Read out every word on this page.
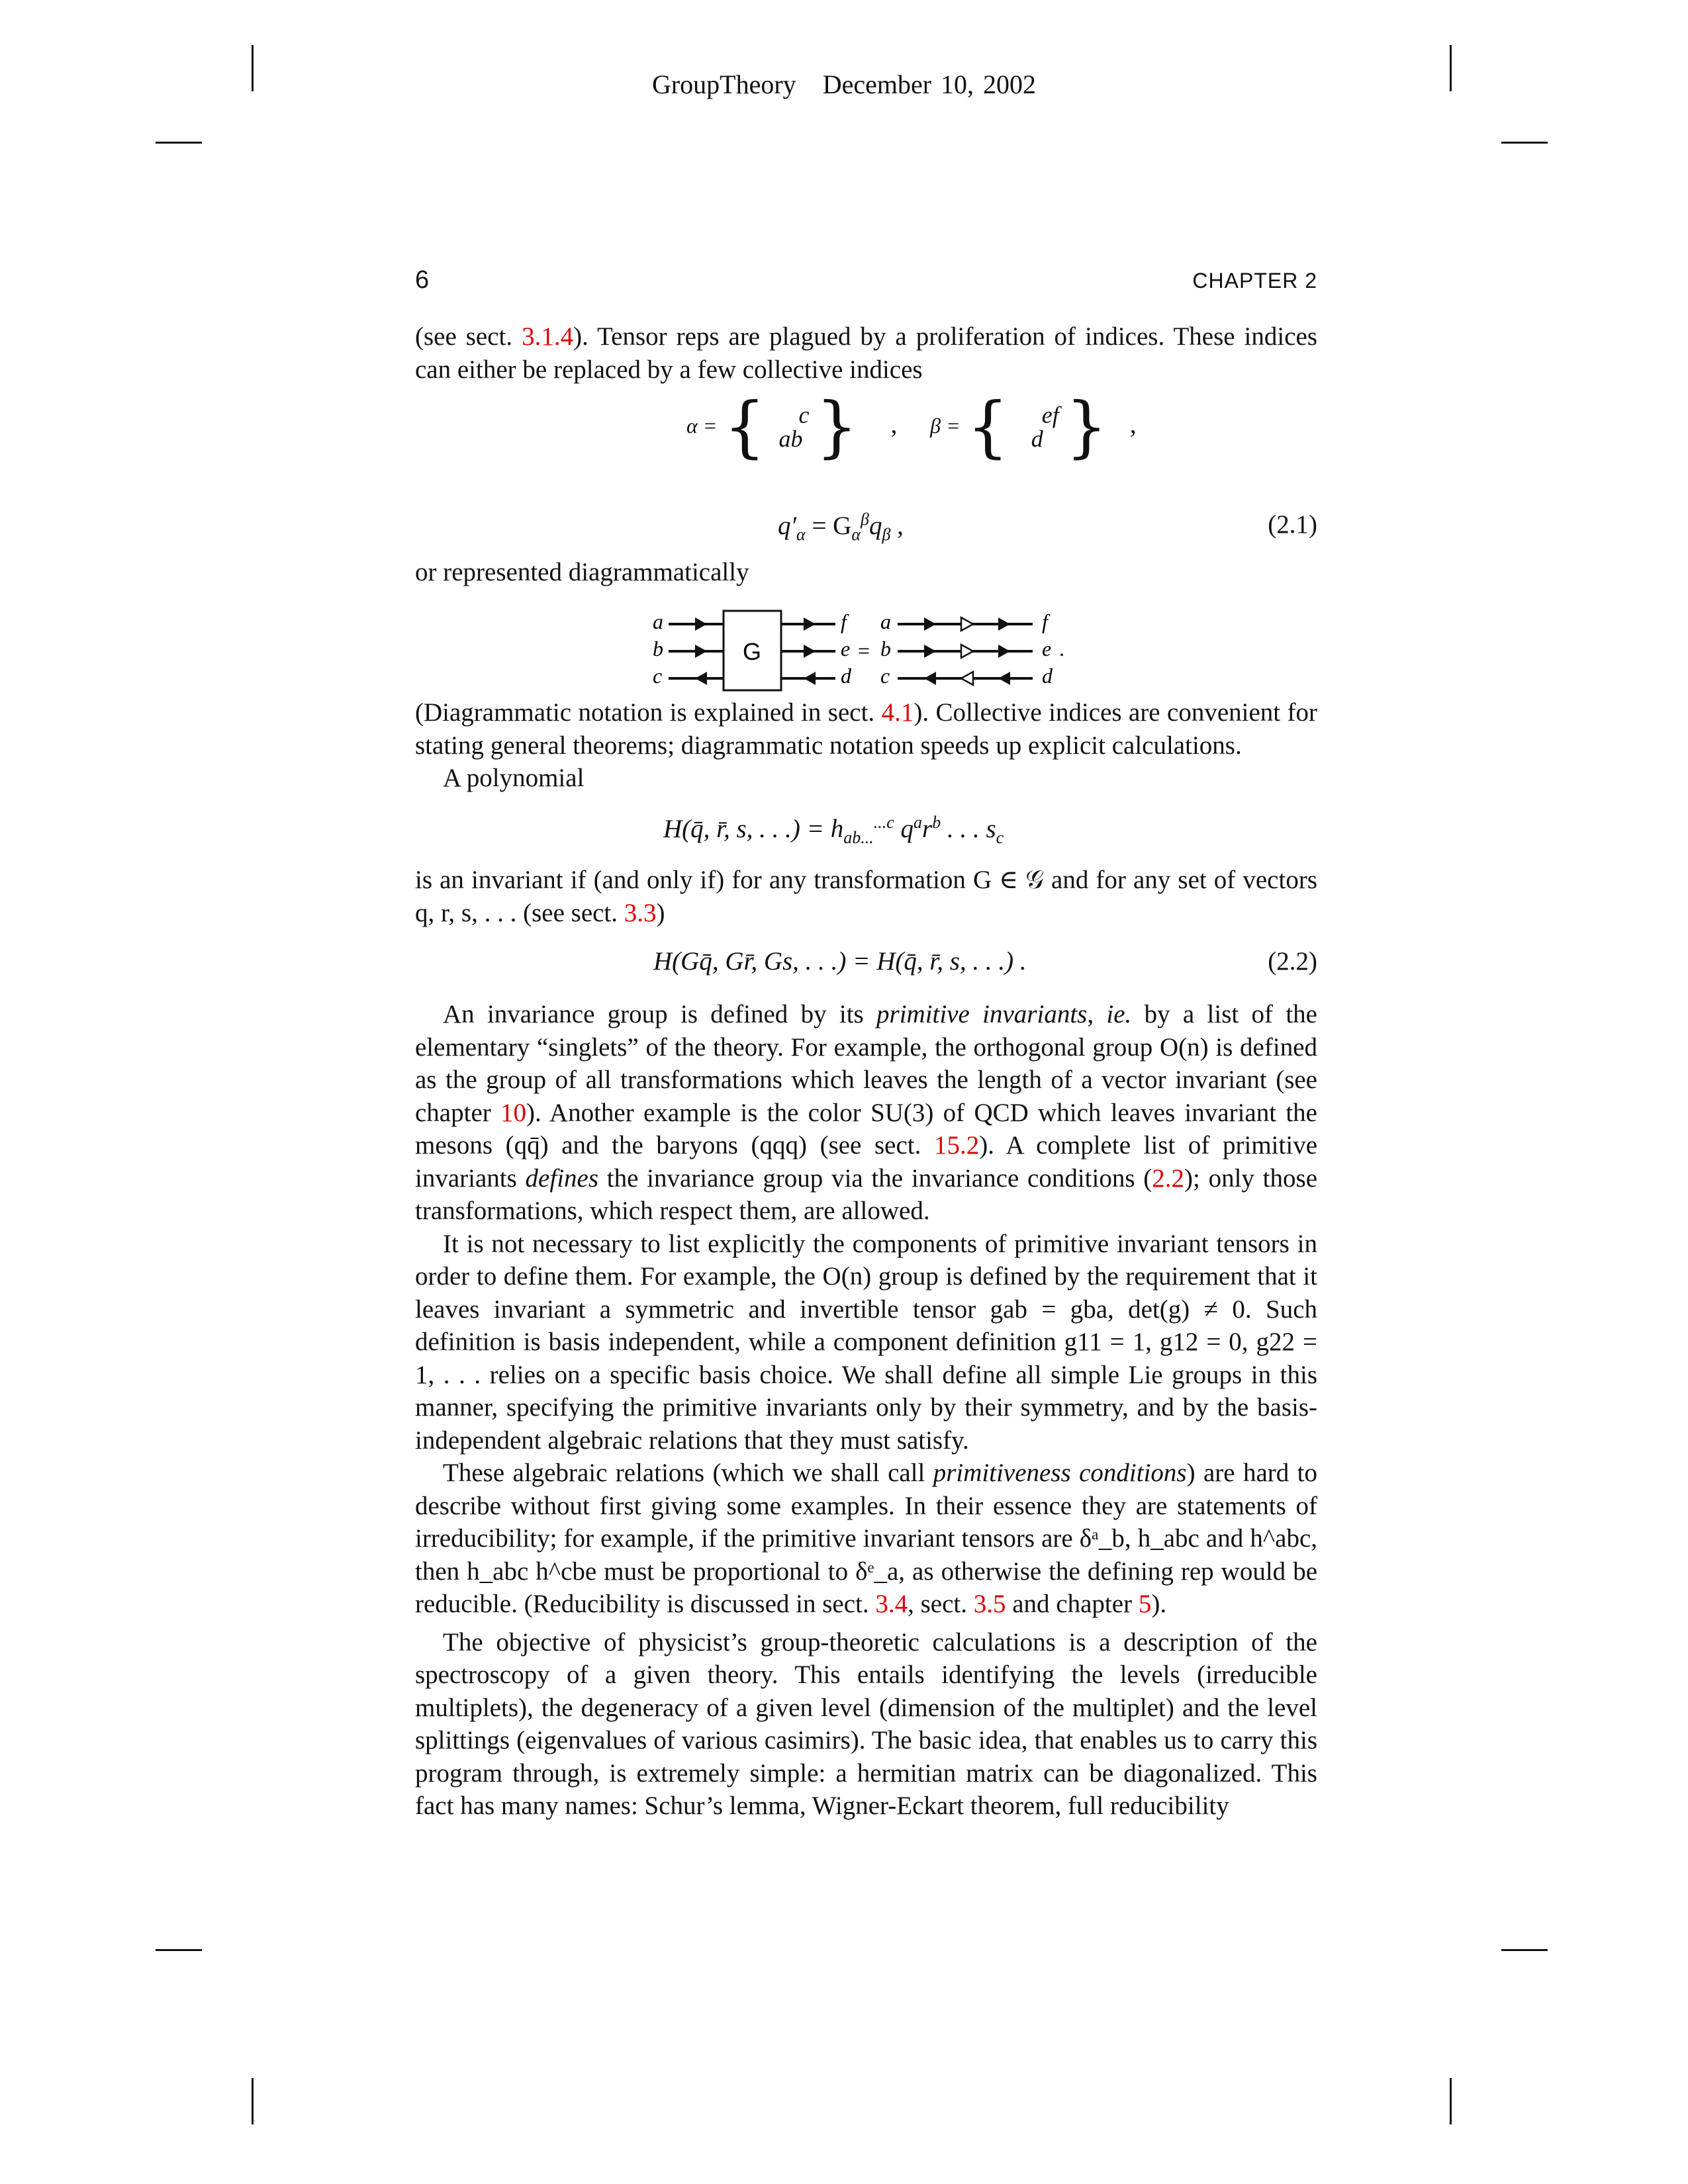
GroupTheory December 10, 2002
6	CHAPTER 2

(see sect. 3.1.4). Tensor reps are plagued by a proliferation of indices. These indices can either be replaced by a few collective indices

α = { c
ab } , β = { ef
d } ,
$q'_\alpha = G_\alpha^\beta q_\beta$ ,	(2.1)

or represented diagrammatically

a
b
c
G
f
e
d
=
a
b
c
f
e
d
.

(Diagrammatic notation is explained in sect. 4.1). Collective indices are convenient for stating general theorems; diagrammatic notation speeds up explicit calculations.

A polynomial

H(q̄, r̄, s, . . .) = $h_{ab...}^{...c}$ $q^ar^b$ . . . $s_c$

is an invariant if (and only if) for any transformation G ∈ 𝒢 and for any set of vectors q, r, s, . . . (see sect. 3.3)

H(Gq̄, Gr̄, Gs, . . .) = H(q̄, r̄, s, . . .) .	(2.2)

An invariance group is defined by its primitive invariants, ie. by a list of the elementary “singlets” of the theory. For example, the orthogonal group O(n) is defined as the group of all transformations which leaves the length of a vector invariant (see chapter 10). Another example is the color SU(3) of QCD which leaves invariant the mesons (qq̄) and the baryons (qqq) (see sect. 15.2). A complete list of primitive invariants defines the invariance group via the invariance conditions (2.2); only those transformations, which respect them, are allowed.

It is not necessary to list explicitly the components of primitive invariant tensors in order to define them. For example, the O(n) group is defined by the requirement that it leaves invariant a symmetric and invertible tensor gab = gba, det(g) ≠ 0. Such definition is basis independent, while a component definition g11 = 1, g12 = 0, g22 = 1, . . . relies on a specific basis choice. We shall define all simple Lie groups in this manner, specifying the primitive invariants only by their symmetry, and by the basis-independent algebraic relations that they must satisfy.

These algebraic relations (which we shall call primitiveness conditions) are hard to describe without first giving some examples. In their essence they are statements of irreducibility; for example, if the primitive invariant tensors are δᵃ_b, h_abc and h^abc, then h_abc h^cbe must be proportional to δᵉ_a, as otherwise the defining rep would be reducible. (Reducibility is discussed in sect. 3.4, sect. 3.5 and chapter 5).

The objective of physicist’s group-theoretic calculations is a description of the spectroscopy of a given theory. This entails identifying the levels (irreducible multiplets), the degeneracy of a given level (dimension of the multiplet) and the level splittings (eigenvalues of various casimirs). The basic idea, that enables us to carry this program through, is extremely simple: a hermitian matrix can be diagonalized. This fact has many names: Schur’s lemma, Wigner-Eckart theorem, full reducibility
